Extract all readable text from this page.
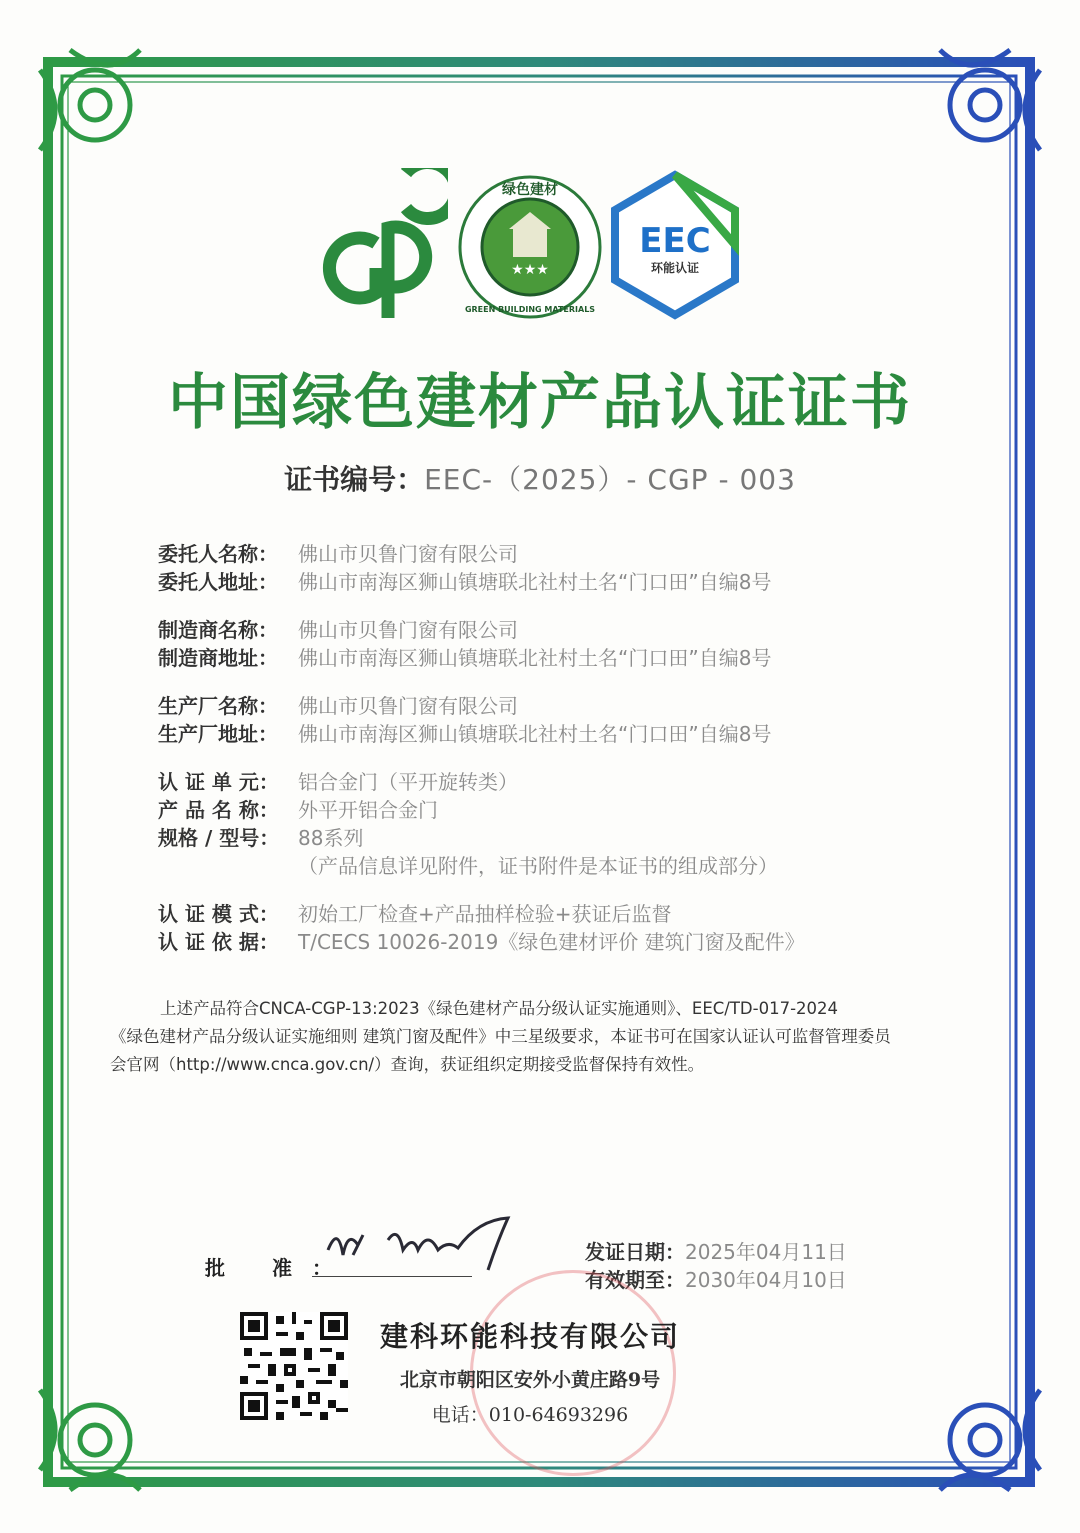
★★★
绿色建材
GREEN BUILDING MATERIALS
EEC
环能认证
中国绿色建材产品认证证书
证书编号：EEC-（2025）- CGP - 003
委托人名称：	佛山市贝鲁门窗有限公司
委托人地址：	佛山市南海区狮山镇塘联北社村土名“门口田”自编8号
制造商名称：	佛山市贝鲁门窗有限公司
制造商地址：	佛山市南海区狮山镇塘联北社村土名“门口田”自编8号
生产厂名称：	佛山市贝鲁门窗有限公司
生产厂地址：	佛山市南海区狮山镇塘联北社村土名“门口田”自编8号
认 证 单 元： 铝合金门（平开旋转类）
产 品 名 称： 外平开铝合金门
规格 / 型号： 88系列
（产品信息详见附件，证书附件是本证书的组成部分）
认 证 模 式： 初始工厂检查+产品抽样检验+获证后监督
认 证 依 据： T/CECS 10026-2019《绿色建材评价 建筑门窗及配件》
上述产品符合CNCA-CGP-13:2023《绿色建材产品分级认证实施通则》、EEC/TD-017-2024
《绿色建材产品分级认证实施细则 建筑门窗及配件》中三星级要求，本证书可在国家认证认可监督管理委员
会官网（http://www.cnca.gov.cn/）查询，获证组织定期接受监督保持有效性。
批 准：
发证日期：2025年04月11日
有效期至：2030年04月10日
建科环能科技有限公司
北京市朝阳区安外小黄庄路9号
电话：010-64693296
